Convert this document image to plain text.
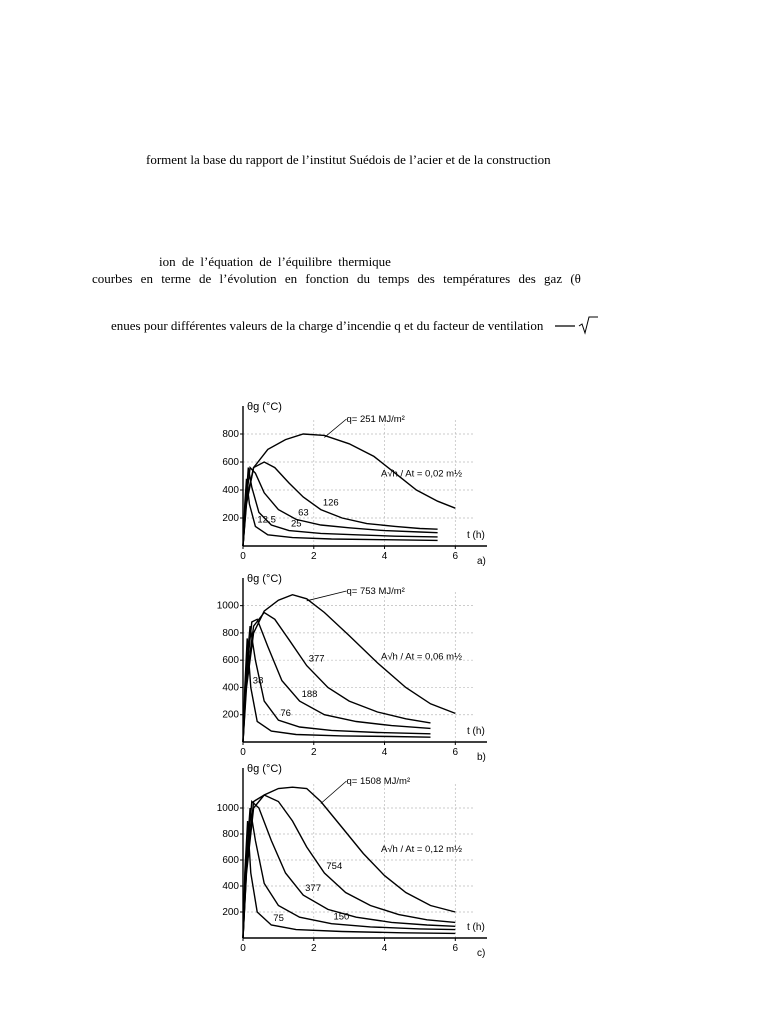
forment la base du rapport de l’institut Suédois de l’acier et de la construction
ion de l’équation de l’équilibre thermique
courbes en terme de l’évolution en fonction du temps des températures des gaz (θ
enues pour différentes valeurs de la charge d’incendie q et du facteur de ventilation
0	2	4	6
200
400
600
800
θg (°C)
t (h)
a)
126
63
25
12,5
q= 251 MJ/m²
A√h / At = 0,02 m½
0	2	4	6
200
400
600
800
1000
θg (°C)
t (h)
b)
377
188
76
38
q= 753 MJ/m²
A√h / At = 0,06 m½
0	2	4	6
200
400
600
800
1000
θg (°C)
t (h)
c)
754
377
150
75
q= 1508 MJ/m²
A√h / At = 0,12 m½
